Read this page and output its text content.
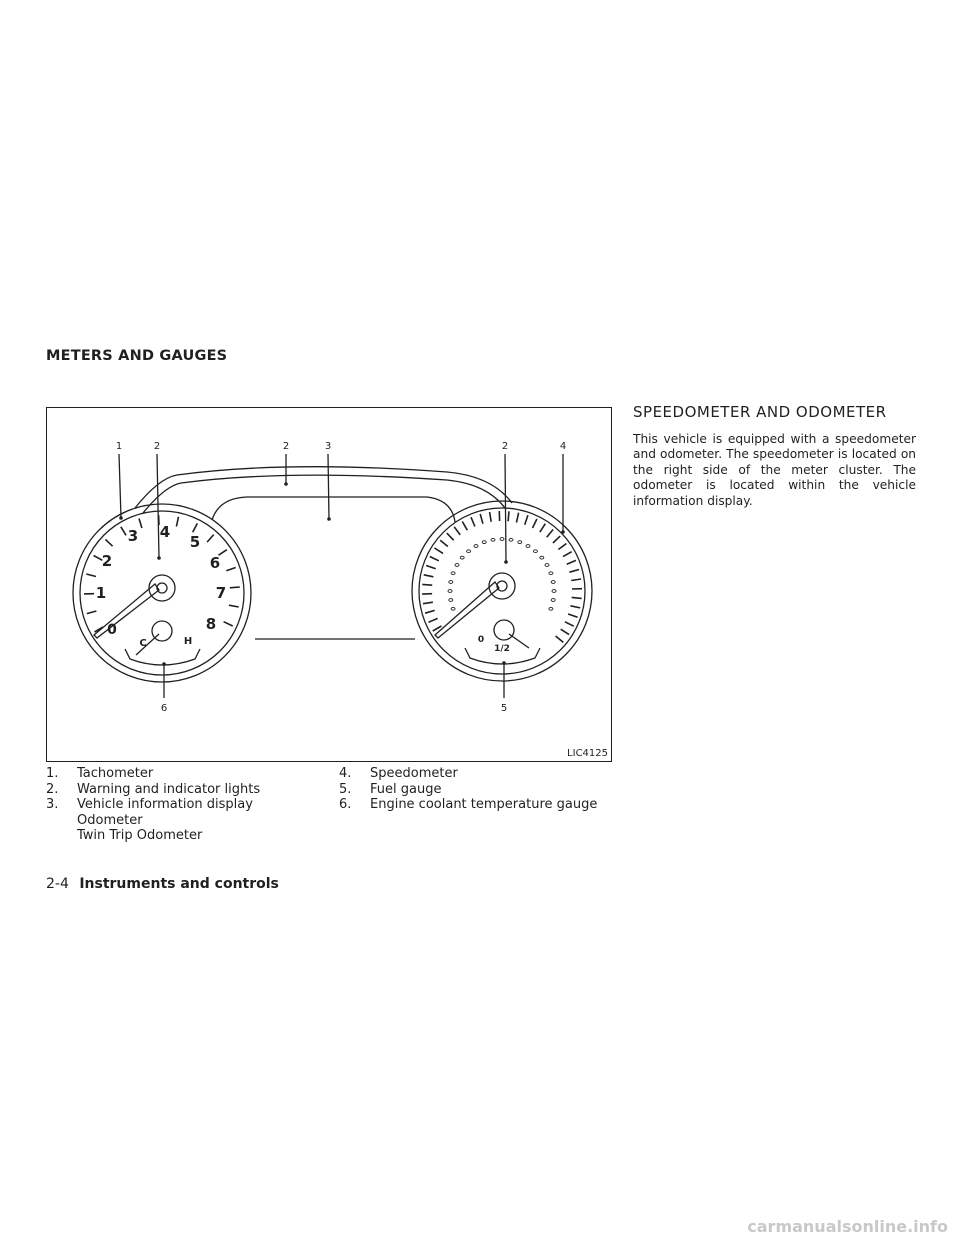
METERS AND GAUGES
1	2	2	3	2	4
6	5
0
1
2
3 4
5
6
7
8
C	H	0
1/2
LIC4125
1. Tachometer
2. Warning and indicator lights
3. Vehicle information display
Odometer
Twin Trip Odometer
4. Speedometer
5. Fuel gauge
6. Engine coolant temperature gauge
SPEEDOMETER AND ODOMETER

This vehicle is equipped with a speedometer and odometer. The speedometer is located on the right side of the meter cluster. The odometer is located within the vehicle information display.

2-4 Instruments and controls
carmanualsonline.info
